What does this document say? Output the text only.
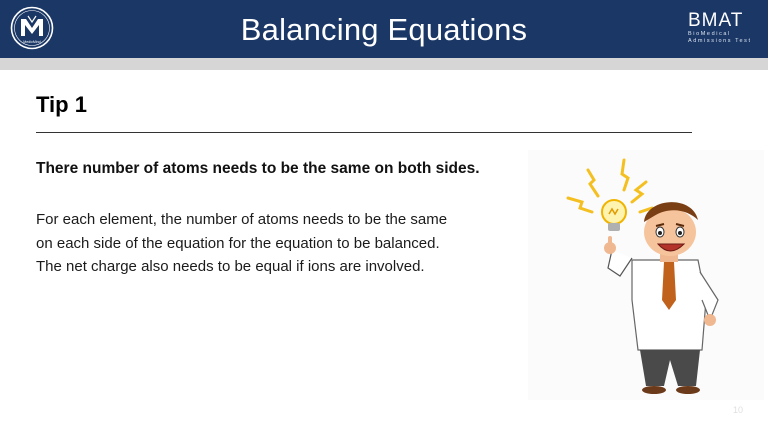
MedicMind	Balancing Equations	BMAT
BioMedical
Admissions Test
Tip 1
There number of atoms needs to be the same on both sides.
For each element, the number of atoms needs to be the same
on each side of the equation for the equation to be balanced.
The net charge also needs to be equal if ions are involved.
10
